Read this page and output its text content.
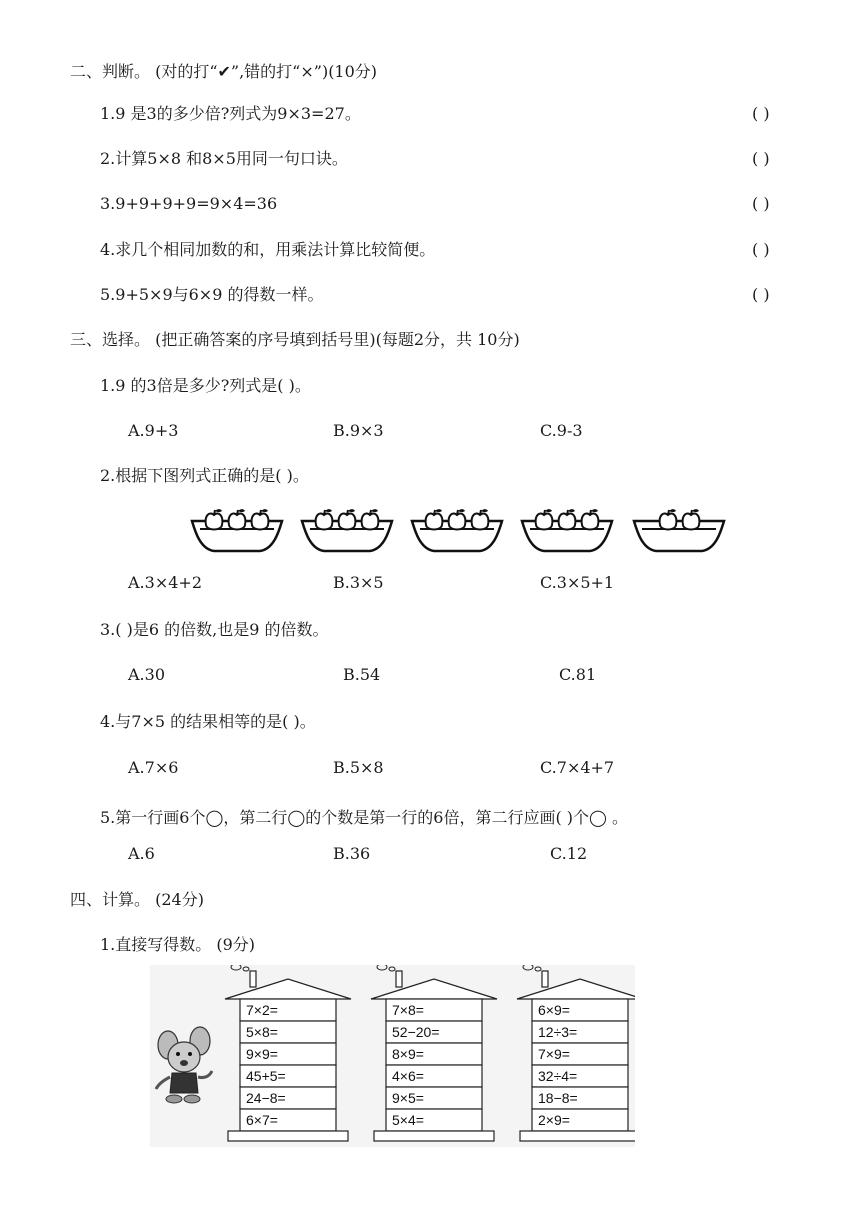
二、判断。 (对的打“✔”,错的打“×”)(10分)
1.9 是3的多少倍?列式为9×3=27。	( )
2.计算5×8 和8×5用同一句口诀。	( )
3.9+9+9+9=9×4=36	( )
4.求几个相同加数的和，用乘法计算比较简便。	( )
5.9+5×9与6×9 的得数一样。	( )
三、选择。 (把正确答案的序号填到括号里)(每题2分，共 10分)
1.9 的3倍是多少?列式是( )。
A.9+3	B.9×3	C.9-3
2.根据下图列式正确的是( )。
A.3×4+2	B.3×5	C.3×5+1
3.( )是6 的倍数,也是9 的倍数。
A.30	B.54	C.81
4.与7×5 的结果相等的是( )。
A.7×6	B.5×8	C.7×4+7
5.第一行画6个◯，第二行◯的个数是第一行的6倍，第二行应画( )个◯ 。
A.6	B.36	C.12
四、计算。 (24分)
1.直接写得数。 (9分)
7×2=
5×8=
9×9=
45+5=
24−8=
6×7=
7×8=
52−20=
8×9=
4×6=
9×5=
5×4=
6×9=
12÷3=
7×9=
32÷4=
18−8=
2×9=
